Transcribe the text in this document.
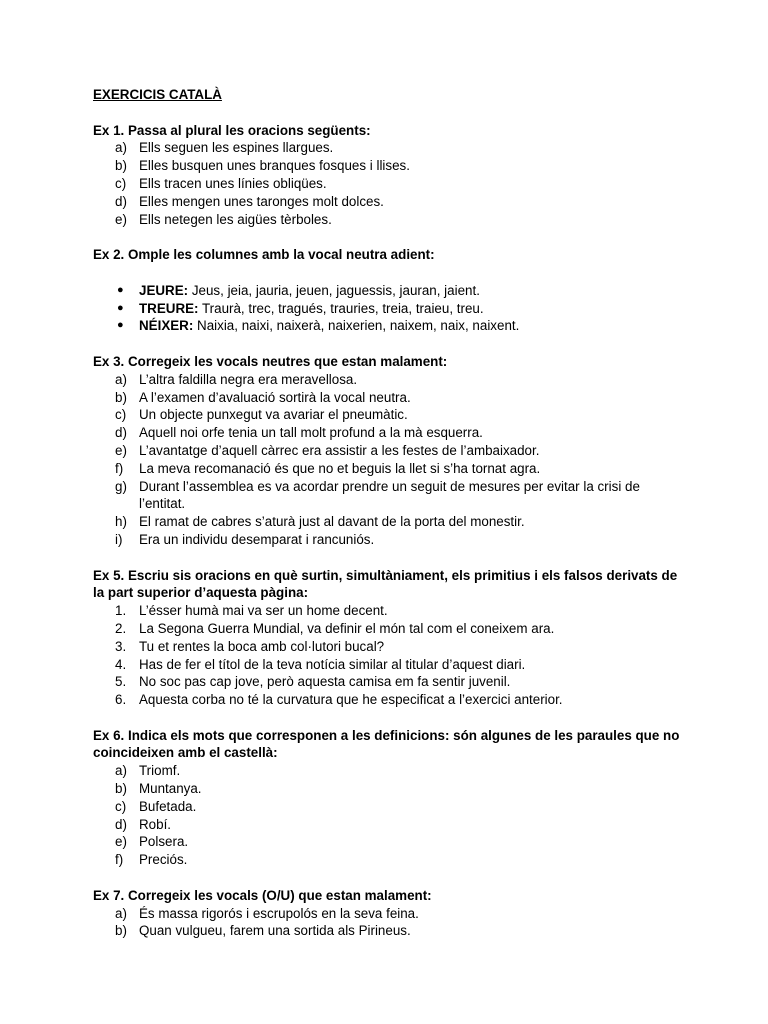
EXERCICIS CATALÀ
Ex 1. Passa al plural les oracions següents:
a) Ells seguen les espines llargues.
b) Elles busquen unes branques fosques i llises.
c) Ells tracen unes línies obliqües.
d) Elles mengen unes taronges molt dolces.
e) Ells netegen les aigües tèrboles.
Ex 2. Omple les columnes amb la vocal neutra adient:
●	JEURE: Jeus, jeia, jauria, jeuen, jaguessis, jauran, jaient.
●	TREURE: Traurà, trec, tragués, trauries, treia, traieu, treu.
●	NÉIXER: Naixia, naixi, naixerà, naixerien, naixem, naix, naixent.
Ex 3. Corregeix les vocals neutres que estan malament:
a) L’altra faldilla negra era meravellosa.
b) A l’examen d’avaluació sortirà la vocal neutra.
c) Un objecte punxegut va avariar el pneumàtic.
d) Aquell noi orfe tenia un tall molt profund a la mà esquerra.
e) L’avantatge d’aquell càrrec era assistir a les festes de l’ambaixador.
f)	La meva recomanació és que no et beguis la llet si s’ha tornat agra.
g) Durant l’assemblea es va acordar prendre un seguit de mesures per evitar la crisi de l’entitat.
h) El ramat de cabres s’aturà just al davant de la porta del monestir.
i)	Era un individu desemparat i rancuniós.
Ex 5. Escriu sis oracions en què surtin, simultàniament, els primitius i els falsos derivats de la part superior d’aquesta pàgina:
1. L’ésser humà mai va ser un home decent.
2. La Segona Guerra Mundial, va definir el món tal com el coneixem ara.
3. Tu et rentes la boca amb col·lutori bucal?
4. Has de fer el títol de la teva notícia similar al titular d’aquest diari.
5. No soc pas cap jove, però aquesta camisa em fa sentir juvenil.
6. Aquesta corba no té la curvatura que he especificat a l’exercici anterior.
Ex 6. Indica els mots que corresponen a les definicions: són algunes de les paraules que no coincideixen amb el castellà:
a) Triomf.
b) Muntanya.
c) Bufetada.
d) Robí.
e) Polsera.
f)	Preciós.
Ex 7. Corregeix les vocals (O/U) que estan malament:
a) És massa rigorós i escrupolós en la seva feina.
b) Quan vulgueu, farem una sortida als Pirineus.
